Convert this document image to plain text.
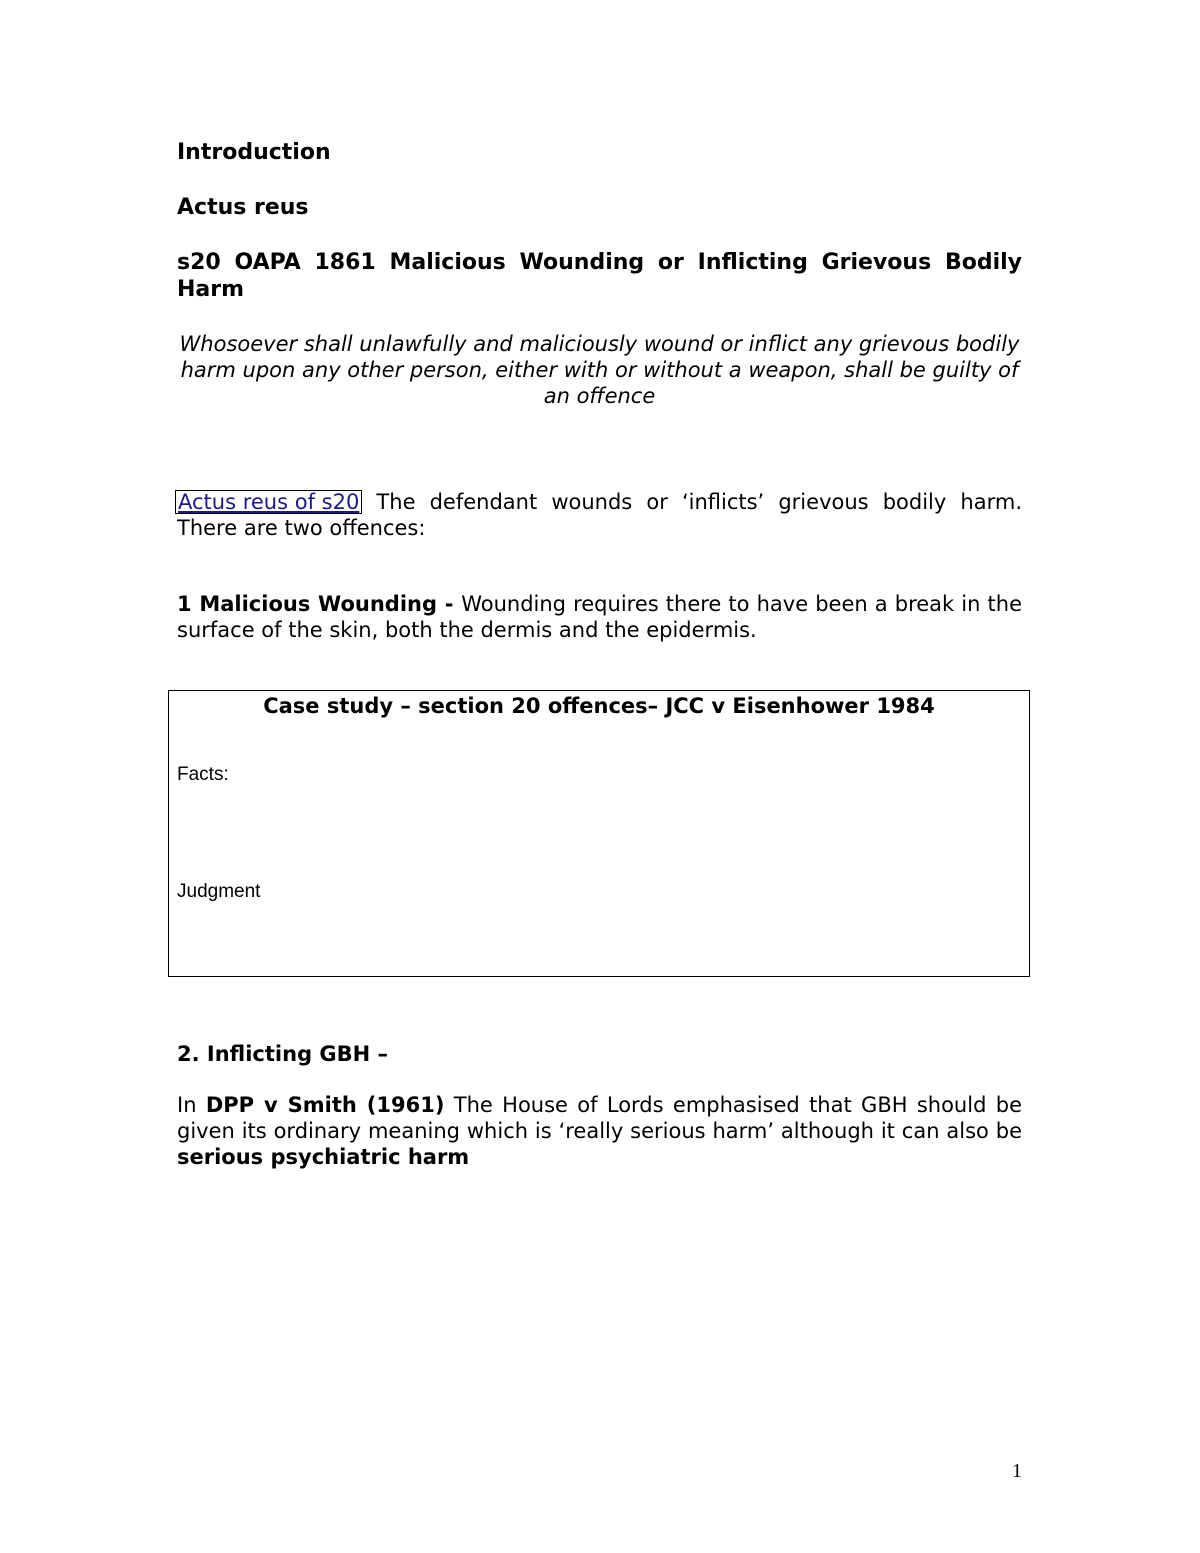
Introduction
Actus reus
s20 OAPA 1861 Malicious Wounding or Inflicting Grievous Bodily Harm
Whosoever shall unlawfully and maliciously wound or inflict any grievous bodily harm upon any other person, either with or without a weapon, shall be guilty of an offence
Actus reus of s20 The defendant wounds or ‘inflicts’ grievous bodily harm. There are two offences:
1 Malicious Wounding - Wounding requires there to have been a break in the surface of the skin, both the dermis and the epidermis.
Case study – section 20 offences– JCC v Eisenhower 1984
Facts:
Judgment
2. Inflicting GBH –
In DPP v Smith (1961) The House of Lords emphasised that GBH should be given its ordinary meaning which is ‘really serious harm’ although it can also be serious psychiatric harm
1
